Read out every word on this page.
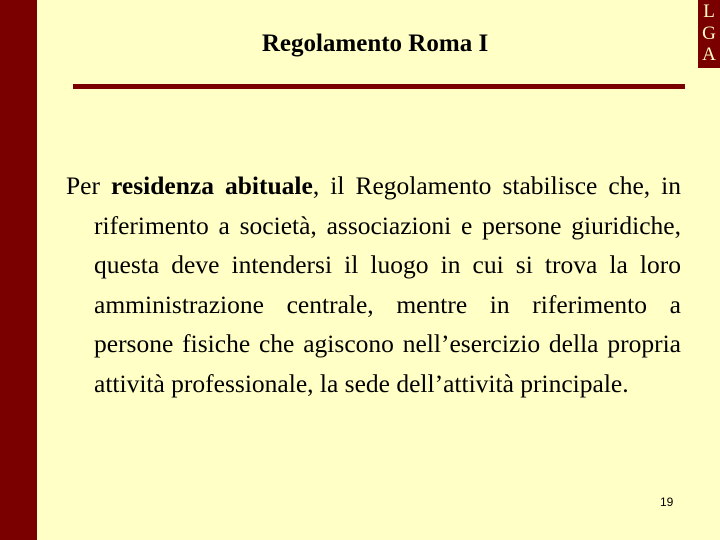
L
G
A
Regolamento Roma I

Per residenza abituale, il Regolamento stabilisce che, in riferimento a società, associazioni e persone giuridiche, questa deve intendersi il luogo in cui si trova la loro amministrazione centrale, mentre in riferimento a persone fisiche che agiscono nell’esercizio della propria attività professionale, la sede dell’attività principale.

19
